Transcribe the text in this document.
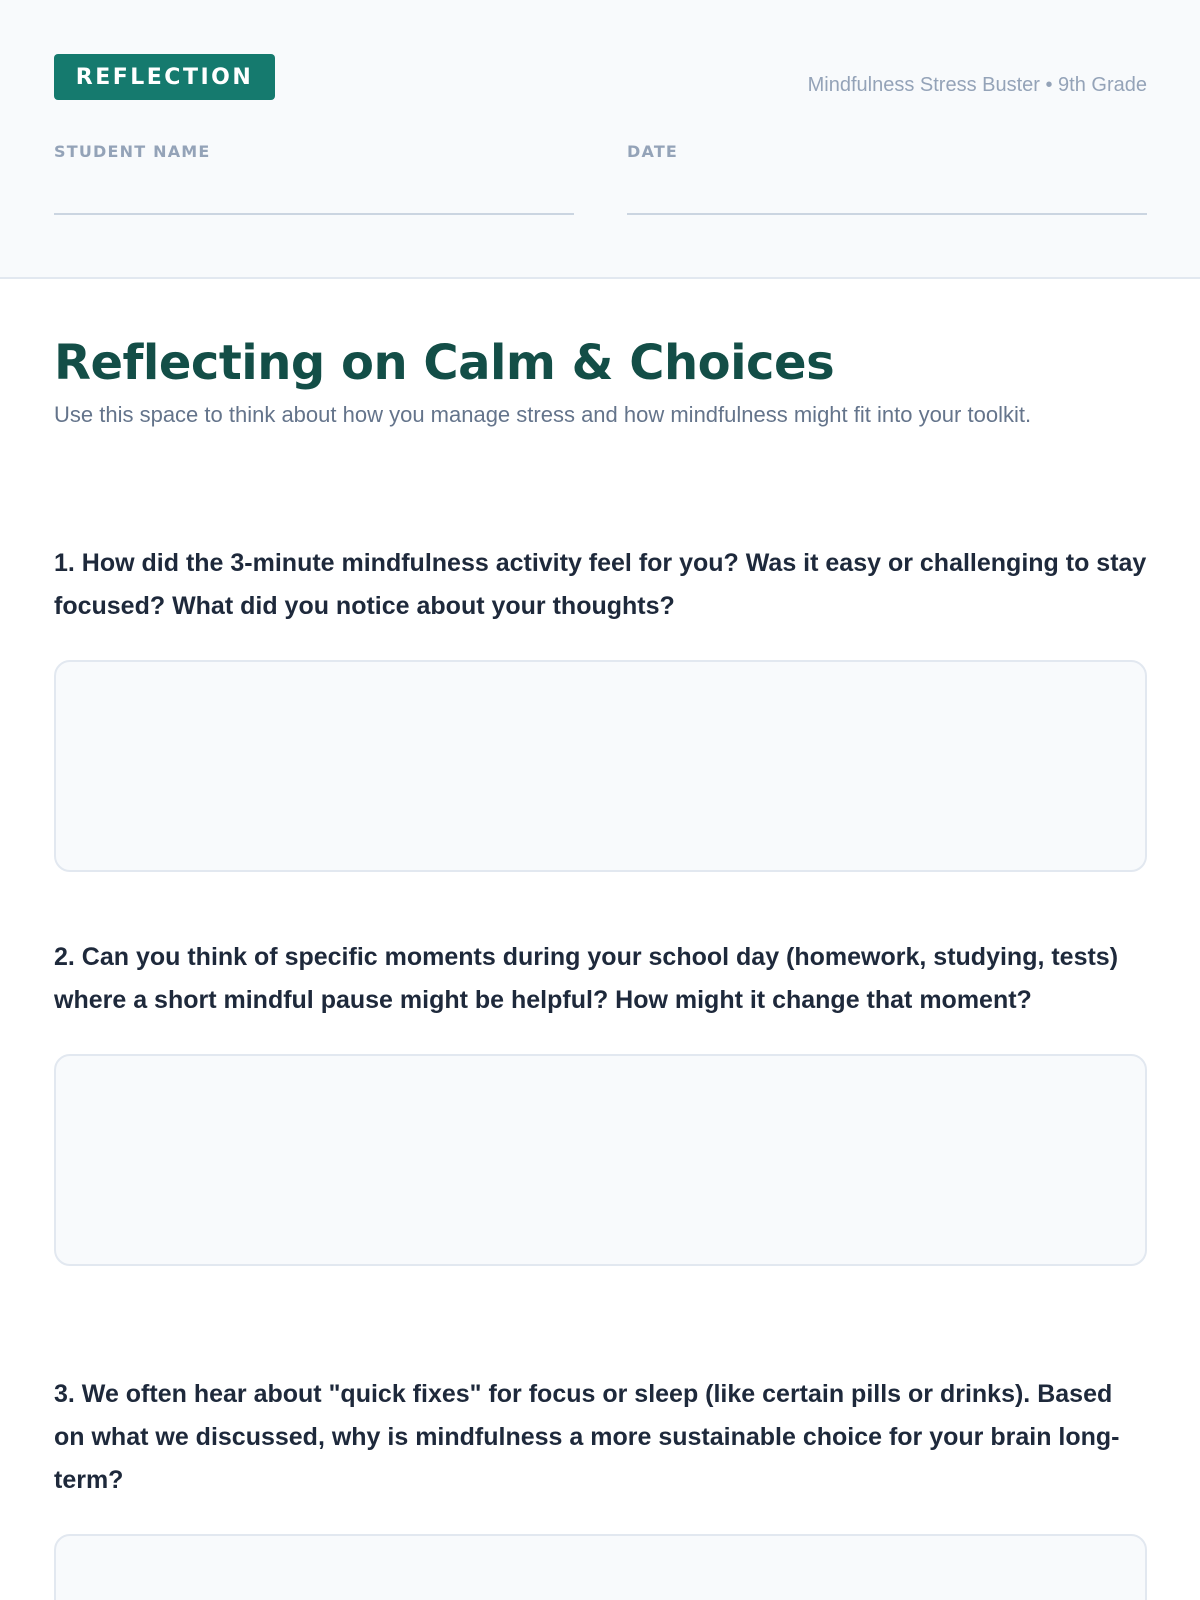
REFLECTION	Mindfulness Stress Buster • 9th Grade
STUDENT NAME	DATE
Reflecting on Calm & Choices

Use this space to think about how you manage stress and how mindfulness might fit into your toolkit.

1. How did the 3-minute mindfulness activity feel for you? Was it easy or challenging to stay focused? What did you notice about your thoughts?

2. Can you think of specific moments during your school day (homework, studying, tests) where a short mindful pause might be helpful? How might it change that moment?

3. We often hear about "quick fixes" for focus or sleep (like certain pills or drinks). Based on what we discussed, why is mindfulness a more sustainable choice for your brain long-term?
